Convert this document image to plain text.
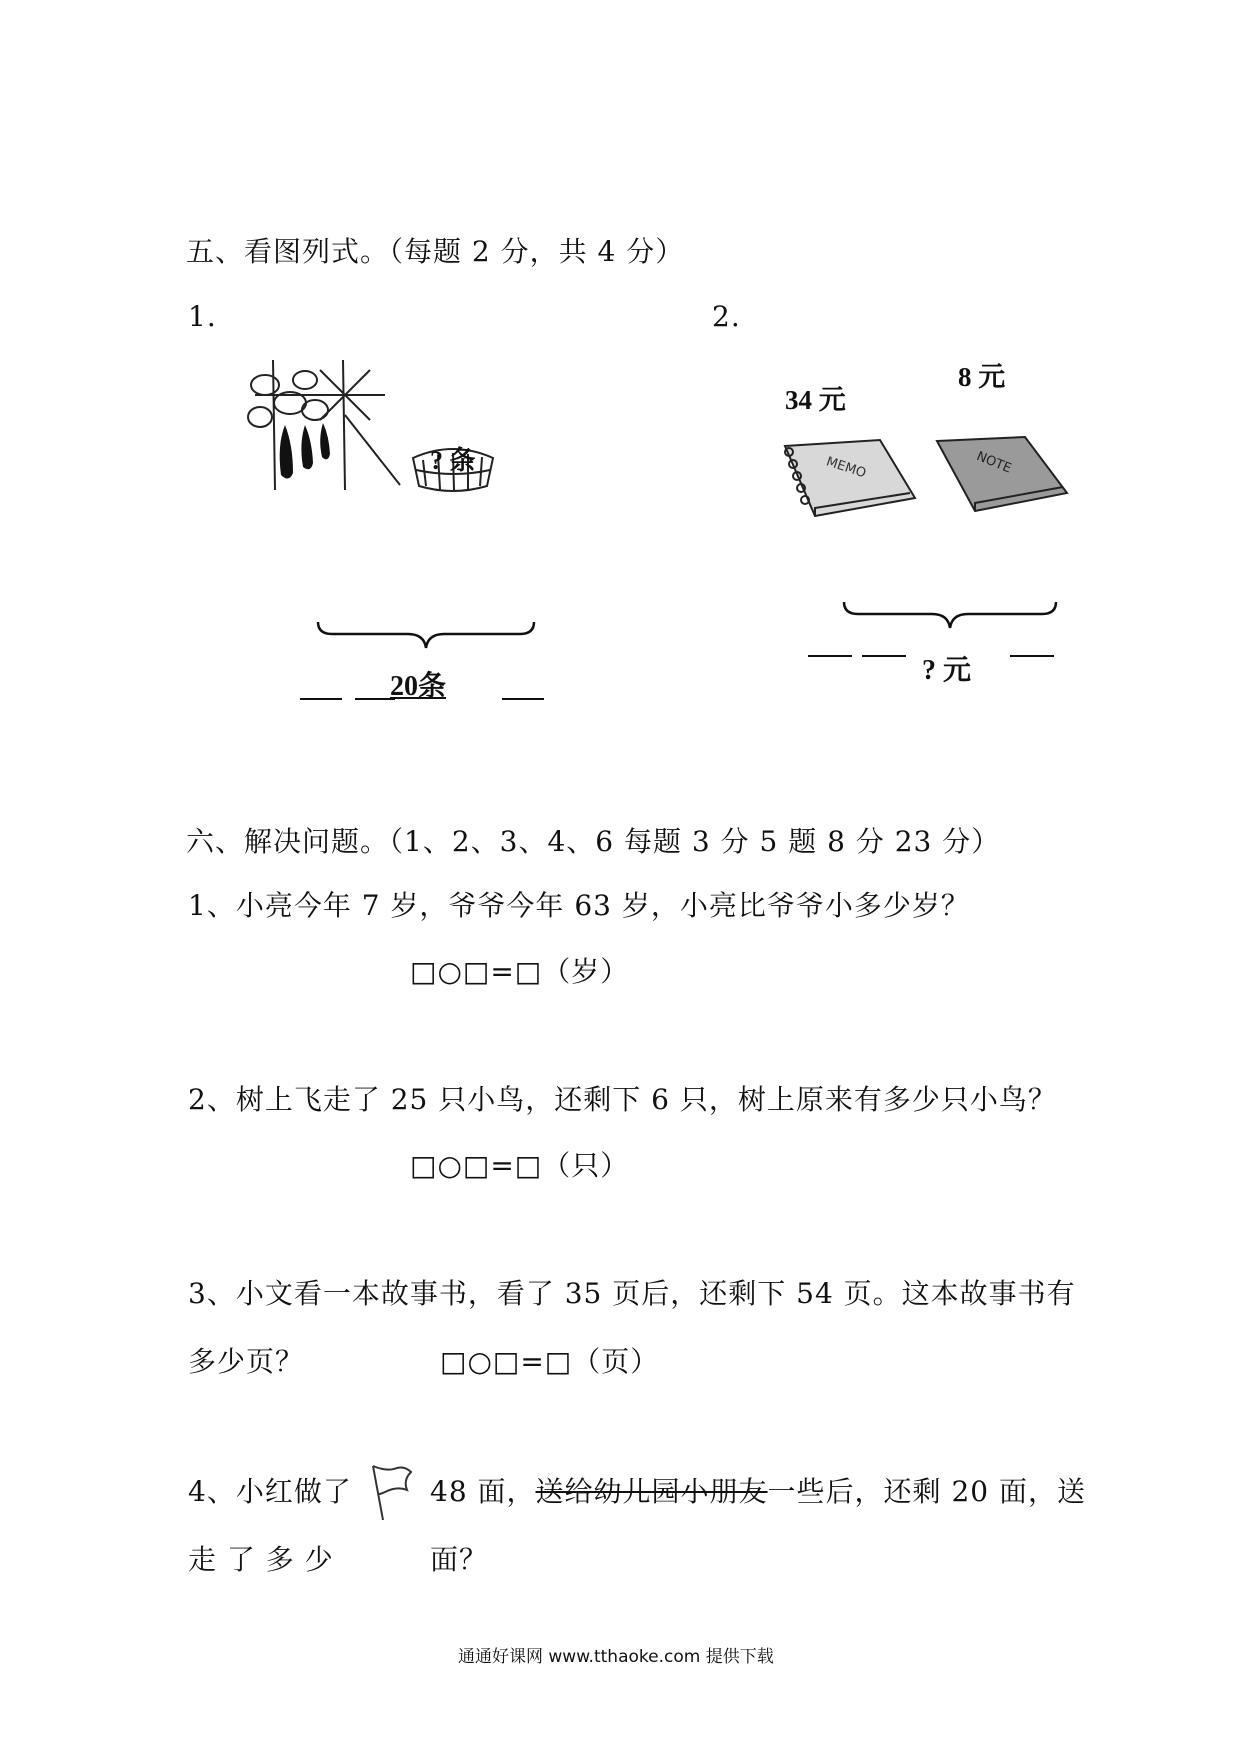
五、看图列式。（每题 2 分，共 4 分）
1.	2.
? 条
20条
34 元
8 元
MEMO	NOTE
? 元
六、解决问题。（1、2、3、4、6 每题 3 分 5 题 8 分 23 分）
1、小亮今年 7 岁，爷爷今年 63 岁，小亮比爷爷小多少岁？
□○□=□（岁）
2、树上飞走了 25 只小鸟，还剩下 6 只，树上原来有多少只小鸟？
□○□=□（只）
3、小文看一本故事书，看了 35 页后，还剩下 54 页。这本故事书有
多少页？	□○□=□（页）
4、小红做了	48 面，送给幼儿园小朋友一些后，还剩 20 面，送
走 了 多 少	面？
通通好课网 www.tthaoke.com 提供下载
